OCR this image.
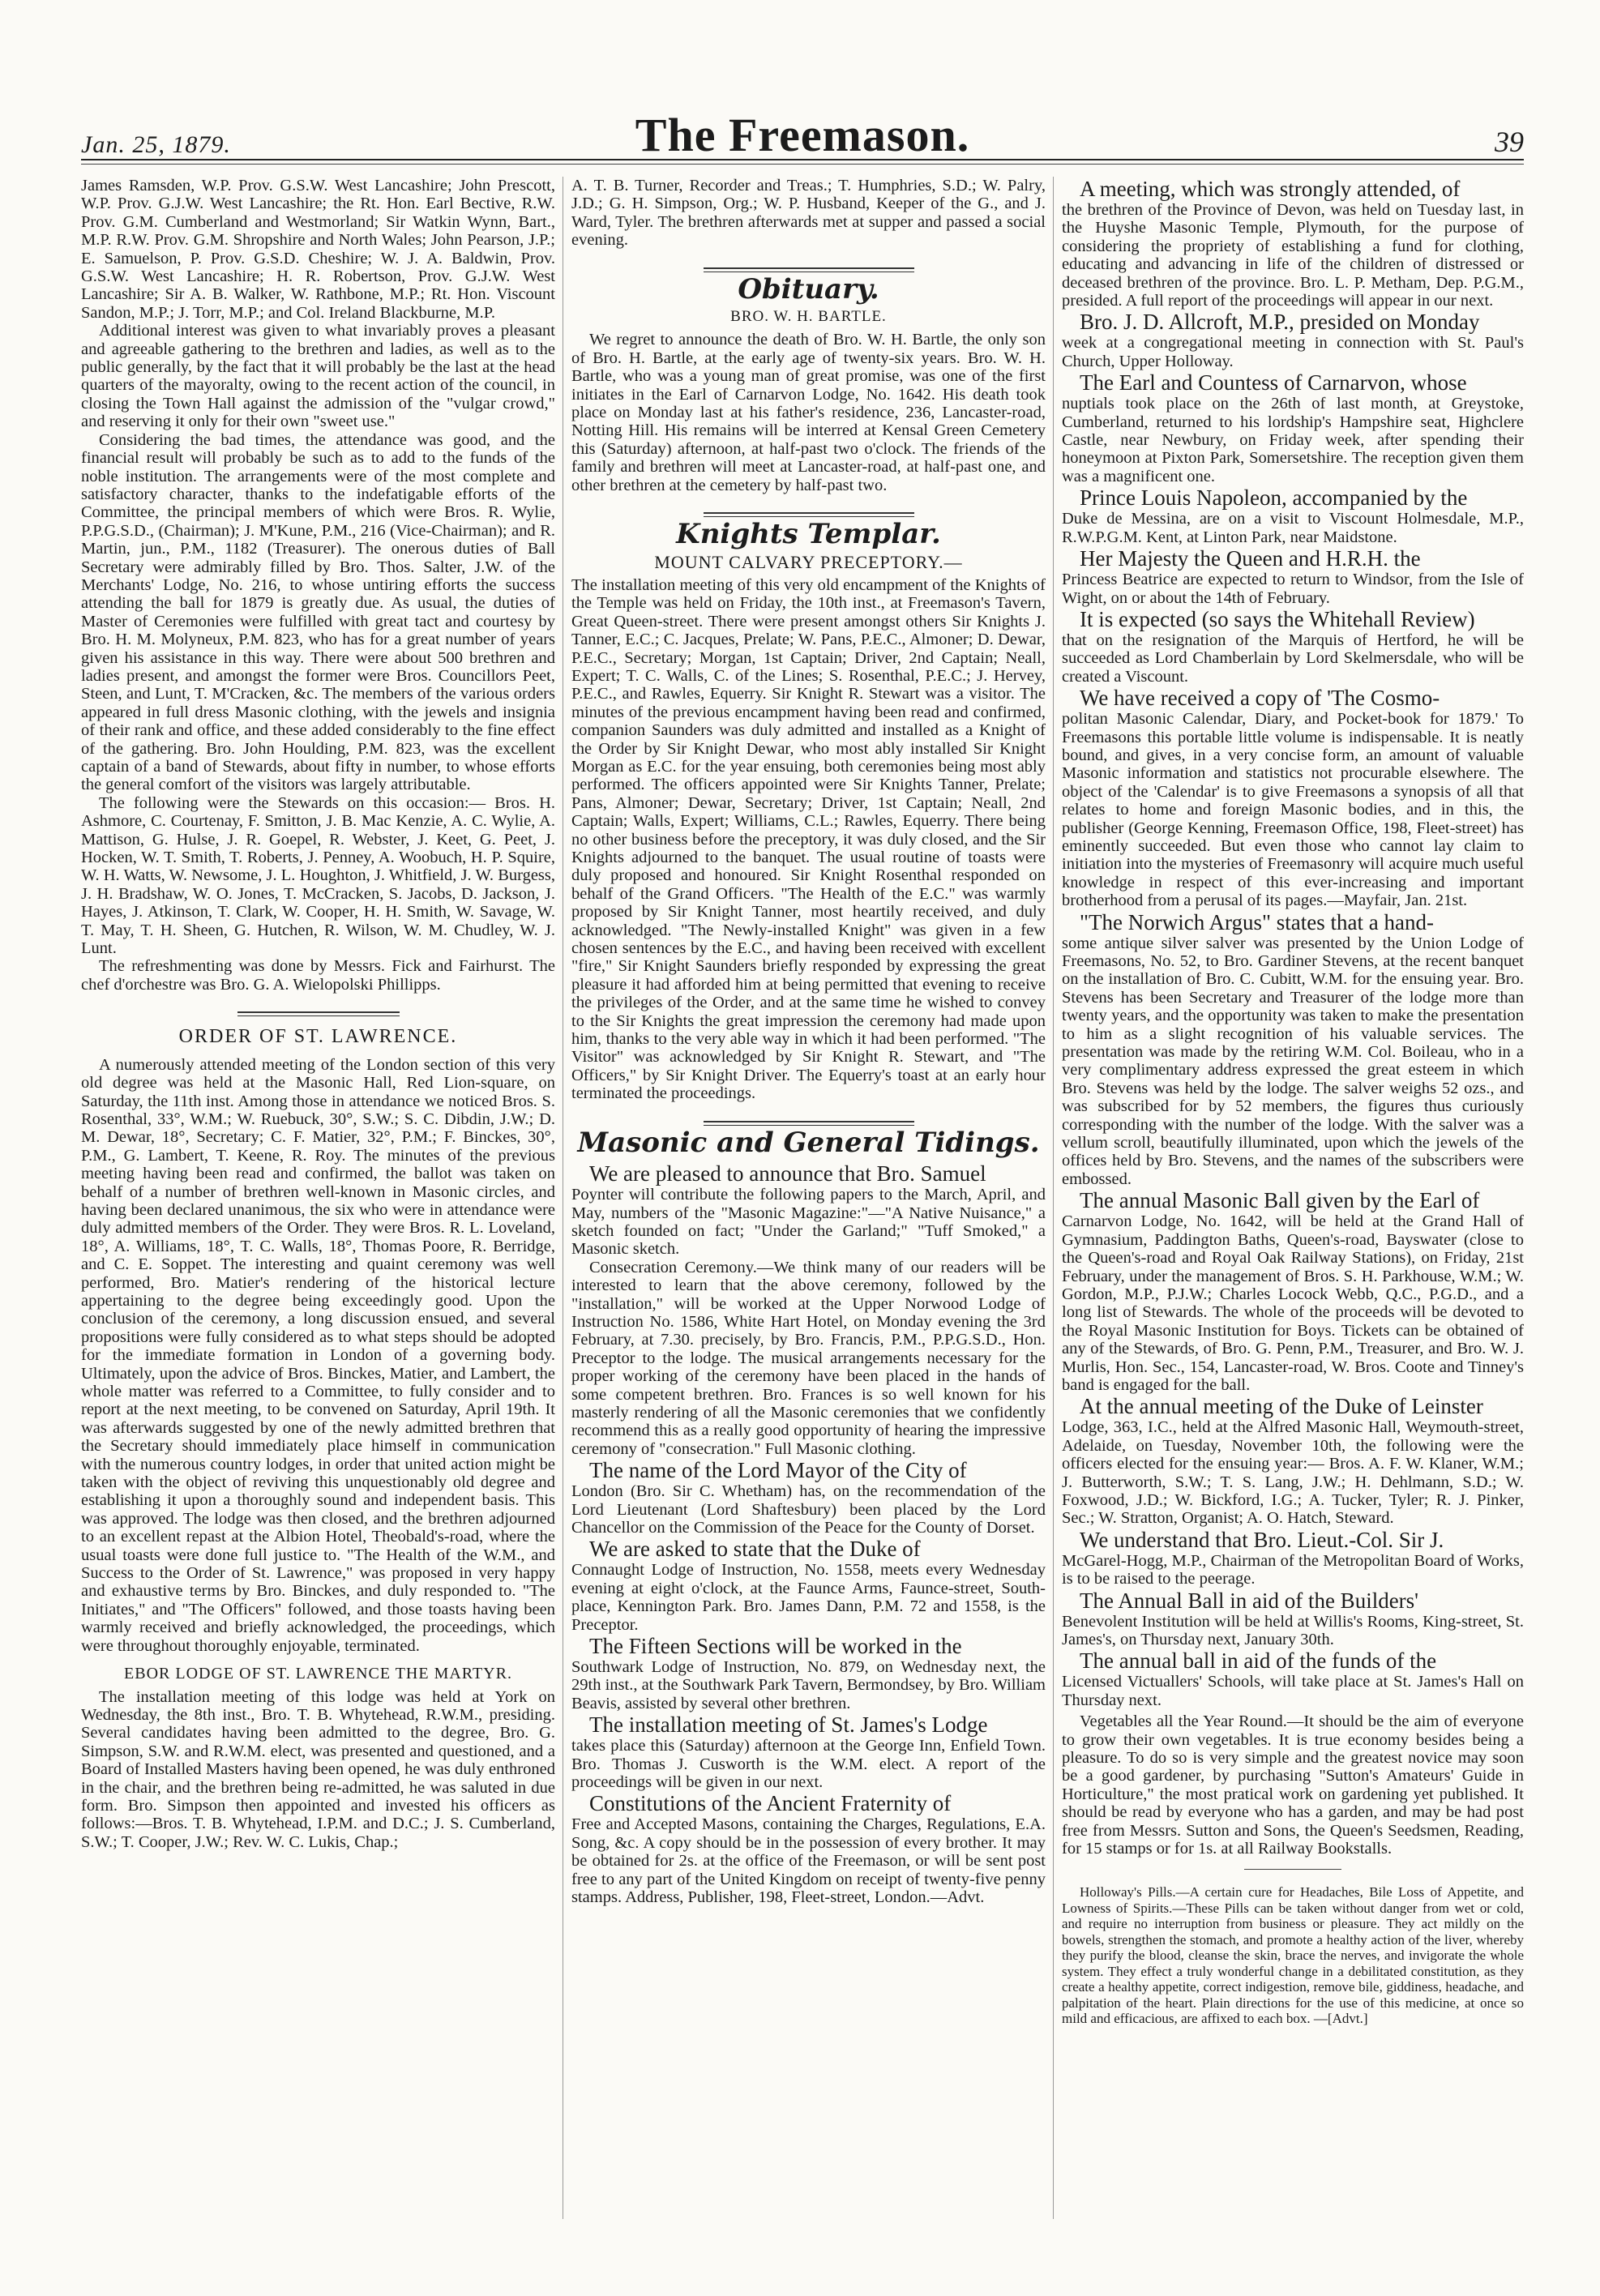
Jan. 25, 1879.	The Freemason.	39

James Ramsden, W.P. Prov. G.S.W. West Lancashire; John Prescott, W.P. Prov. G.J.W. West Lancashire; the Rt. Hon. Earl Bective, R.W. Prov. G.M. Cumberland and Westmorland; Sir Watkin Wynn, Bart., M.P. R.W. Prov. G.M. Shropshire and North Wales; John Pearson, J.P.; E. Samuelson, P. Prov. G.S.D. Cheshire; W. J. A. Baldwin, Prov. G.S.W. West Lancashire; H. R. Robertson, Prov. G.J.W. West Lancashire; Sir A. B. Walker, W. Rathbone, M.P.; Rt. Hon. Viscount Sandon, M.P.; J. Torr, M.P.; and Col. Ireland Blackburne, M.P.

Additional interest was given to what invariably proves a pleasant and agreeable gathering to the brethren and ladies, as well as to the public generally, by the fact that it will probably be the last at the head quarters of the mayoralty, owing to the recent action of the council, in closing the Town Hall against the admission of the "vulgar crowd," and reserving it only for their own "sweet use."

Considering the bad times, the attendance was good, and the financial result will probably be such as to add to the funds of the noble institution. The arrangements were of the most complete and satisfactory character, thanks to the indefatigable efforts of the Committee, the principal members of which were Bros. R. Wylie, P.P.G.S.D., (Chairman); J. M'Kune, P.M., 216 (Vice-Chairman); and R. Martin, jun., P.M., 1182 (Treasurer). The onerous duties of Ball Secretary were admirably filled by Bro. Thos. Salter, J.W. of the Merchants' Lodge, No. 216, to whose untiring efforts the success attending the ball for 1879 is greatly due. As usual, the duties of Master of Ceremonies were fulfilled with great tact and courtesy by Bro. H. M. Molyneux, P.M. 823, who has for a great number of years given his assistance in this way. There were about 500 brethren and ladies present, and amongst the former were Bros. Councillors Peet, Steen, and Lunt, T. M'Cracken, &c. The members of the various orders appeared in full dress Masonic clothing, with the jewels and insignia of their rank and office, and these added considerably to the fine effect of the gathering. Bro. John Houlding, P.M. 823, was the excellent captain of a band of Stewards, about fifty in number, to whose efforts the general comfort of the visitors was largely attributable.

The following were the Stewards on this occasion:— Bros. H. Ashmore, C. Courtenay, F. Smitton, J. B. Mac Kenzie, A. C. Wylie, A. Mattison, G. Hulse, J. R. Goepel, R. Webster, J. Keet, G. Peet, J. Hocken, W. T. Smith, T. Roberts, J. Penney, A. Woobuch, H. P. Squire, W. H. Watts, W. Newsome, J. L. Houghton, J. Whitfield, J. W. Burgess, J. H. Bradshaw, W. O. Jones, T. McCracken, S. Jacobs, D. Jackson, J. Hayes, J. Atkinson, T. Clark, W. Cooper, H. H. Smith, W. Savage, W. T. May, T. H. Sheen, G. Hutchen, R. Wilson, W. M. Chudley, W. J. Lunt.

The refreshmenting was done by Messrs. Fick and Fairhurst. The chef d'orchestre was Bro. G. A. Wielopolski Phillipps.

ORDER OF ST. LAWRENCE.

A numerously attended meeting of the London section of this very old degree was held at the Masonic Hall, Red Lion-square, on Saturday, the 11th inst. Among those in attendance we noticed Bros. S. Rosenthal, 33°, W.M.; W. Ruebuck, 30°, S.W.; S. C. Dibdin, J.W.; D. M. Dewar, 18°, Secretary; C. F. Matier, 32°, P.M.; F. Binckes, 30°, P.M., G. Lambert, T. Keene, R. Roy. The minutes of the previous meeting having been read and confirmed, the ballot was taken on behalf of a number of brethren well-known in Masonic circles, and having been declared unanimous, the six who were in attendance were duly admitted members of the Order. They were Bros. R. L. Loveland, 18°, A. Williams, 18°, T. C. Walls, 18°, Thomas Poore, R. Berridge, and C. E. Soppet. The interesting and quaint ceremony was well performed, Bro. Matier's rendering of the historical lecture appertaining to the degree being exceedingly good. Upon the conclusion of the ceremony, a long discussion ensued, and several propositions were fully considered as to what steps should be adopted for the immediate formation in London of a governing body. Ultimately, upon the advice of Bros. Binckes, Matier, and Lambert, the whole matter was referred to a Committee, to fully consider and to report at the next meeting, to be convened on Saturday, April 19th. It was afterwards suggested by one of the newly admitted brethren that the Secretary should immediately place himself in communication with the numerous country lodges, in order that united action might be taken with the object of reviving this unquestionably old degree and establishing it upon a thoroughly sound and independent basis. This was approved. The lodge was then closed, and the brethren adjourned to an excellent repast at the Albion Hotel, Theobald's-road, where the usual toasts were done full justice to. "The Health of the W.M., and Success to the Order of St. Lawrence," was proposed in very happy and exhaustive terms by Bro. Binckes, and duly responded to. "The Initiates," and "The Officers" followed, and those toasts having been warmly received and briefly acknowledged, the proceedings, which were throughout thoroughly enjoyable, terminated.

EBOR LODGE OF ST. LAWRENCE THE MARTYR.

The installation meeting of this lodge was held at York on Wednesday, the 8th inst., Bro. T. B. Whytehead, R.W.M., presiding. Several candidates having been admitted to the degree, Bro. G. Simpson, S.W. and R.W.M. elect, was presented and questioned, and a Board of Installed Masters having been opened, he was duly enthroned in the chair, and the brethren being re-admitted, he was saluted in due form. Bro. Simpson then appointed and invested his officers as follows:—Bros. T. B. Whytehead, I.P.M. and D.C.; J. S. Cumberland, S.W.; T. Cooper, J.W.; Rev. W. C. Lukis, Chap.;

A. T. B. Turner, Recorder and Treas.; T. Humphries, S.D.; W. Palry, J.D.; G. H. Simpson, Org.; W. P. Husband, Keeper of the G., and J. Ward, Tyler. The brethren afterwards met at supper and passed a social evening.

Obituary.
BRO. W. H. BARTLE.

We regret to announce the death of Bro. W. H. Bartle, the only son of Bro. H. Bartle, at the early age of twenty-six years. Bro. W. H. Bartle, who was a young man of great promise, was one of the first initiates in the Earl of Carnarvon Lodge, No. 1642. His death took place on Monday last at his father's residence, 236, Lancaster-road, Notting Hill. His remains will be interred at Kensal Green Cemetery this (Saturday) afternoon, at half-past two o'clock. The friends of the family and brethren will meet at Lancaster-road, at half-past one, and other brethren at the cemetery by half-past two.

Knights Templar.
MOUNT CALVARY PRECEPTORY.—

The installation meeting of this very old encampment of the Knights of the Temple was held on Friday, the 10th inst., at Freemason's Tavern, Great Queen-street. There were present amongst others Sir Knights J. Tanner, E.C.; C. Jacques, Prelate; W. Pans, P.E.C., Almoner; D. Dewar, P.E.C., Secretary; Morgan, 1st Captain; Driver, 2nd Captain; Neall, Expert; T. C. Walls, C. of the Lines; S. Rosenthal, P.E.C.; J. Hervey, P.E.C., and Rawles, Equerry. Sir Knight R. Stewart was a visitor. The minutes of the previous encampment having been read and confirmed, companion Saunders was duly admitted and installed as a Knight of the Order by Sir Knight Dewar, who most ably installed Sir Knight Morgan as E.C. for the year ensuing, both ceremonies being most ably performed. The officers appointed were Sir Knights Tanner, Prelate; Pans, Almoner; Dewar, Secretary; Driver, 1st Captain; Neall, 2nd Captain; Walls, Expert; Williams, C.L.; Rawles, Equerry. There being no other business before the preceptory, it was duly closed, and the Sir Knights adjourned to the banquet. The usual routine of toasts were duly proposed and honoured. Sir Knight Rosenthal responded on behalf of the Grand Officers. "The Health of the E.C." was warmly proposed by Sir Knight Tanner, most heartily received, and duly acknowledged. "The Newly-installed Knight" was given in a few chosen sentences by the E.C., and having been received with excellent "fire," Sir Knight Saunders briefly responded by expressing the great pleasure it had afforded him at being permitted that evening to receive the privileges of the Order, and at the same time he wished to convey to the Sir Knights the great impression the ceremony had made upon him, thanks to the very able way in which it had been performed. "The Visitor" was acknowledged by Sir Knight R. Stewart, and "The Officers," by Sir Knight Driver. The Equerry's toast at an early hour terminated the proceedings.

Masonic and General Tidings.

We are pleased to announce that Bro. Samuel

Poynter will contribute the following papers to the March, April, and May, numbers of the "Masonic Magazine:"—"A Native Nuisance," a sketch founded on fact; "Under the Garland;" "Tuff Smoked," a Masonic sketch.

Consecration Ceremony.—We think many of our readers will be interested to learn that the above ceremony, followed by the "installation," will be worked at the Upper Norwood Lodge of Instruction No. 1586, White Hart Hotel, on Monday evening the 3rd February, at 7.30. precisely, by Bro. Francis, P.M., P.P.G.S.D., Hon. Preceptor to the lodge. The musical arrangements necessary for the proper working of the ceremony have been placed in the hands of some competent brethren. Bro. Frances is so well known for his masterly rendering of all the Masonic ceremonies that we confidently recommend this as a really good opportunity of hearing the impressive ceremony of "consecration." Full Masonic clothing.

The name of the Lord Mayor of the City of

London (Bro. Sir C. Whetham) has, on the recommendation of the Lord Lieutenant (Lord Shaftesbury) been placed by the Lord Chancellor on the Commission of the Peace for the County of Dorset.

We are asked to state that the Duke of

Connaught Lodge of Instruction, No. 1558, meets every Wednesday evening at eight o'clock, at the Faunce Arms, Faunce-street, South-place, Kennington Park. Bro. James Dann, P.M. 72 and 1558, is the Preceptor.

The Fifteen Sections will be worked in the

Southwark Lodge of Instruction, No. 879, on Wednesday next, the 29th inst., at the Southwark Park Tavern, Bermondsey, by Bro. William Beavis, assisted by several other brethren.

The installation meeting of St. James's Lodge

takes place this (Saturday) afternoon at the George Inn, Enfield Town. Bro. Thomas J. Cusworth is the W.M. elect. A report of the proceedings will be given in our next.

Constitutions of the Ancient Fraternity of

Free and Accepted Masons, containing the Charges, Regulations, E.A. Song, &c. A copy should be in the possession of every brother. It may be obtained for 2s. at the office of the Freemason, or will be sent post free to any part of the United Kingdom on receipt of twenty-five penny stamps. Address, Publisher, 198, Fleet-street, London.—Advt.

A meeting, which was strongly attended, of

the brethren of the Province of Devon, was held on Tuesday last, in the Huyshe Masonic Temple, Plymouth, for the purpose of considering the propriety of establishing a fund for clothing, educating and advancing in life of the children of distressed or deceased brethren of the province. Bro. L. P. Metham, Dep. P.G.M., presided. A full report of the proceedings will appear in our next.

Bro. J. D. Allcroft, M.P., presided on Monday

week at a congregational meeting in connection with St. Paul's Church, Upper Holloway.

The Earl and Countess of Carnarvon, whose

nuptials took place on the 26th of last month, at Greystoke, Cumberland, returned to his lordship's Hampshire seat, Highclere Castle, near Newbury, on Friday week, after spending their honeymoon at Pixton Park, Somersetshire. The reception given them was a magnificent one.

Prince Louis Napoleon, accompanied by the

Duke de Messina, are on a visit to Viscount Holmesdale, M.P., R.W.P.G.M. Kent, at Linton Park, near Maidstone.

Her Majesty the Queen and H.R.H. the

Princess Beatrice are expected to return to Windsor, from the Isle of Wight, on or about the 14th of February.

It is expected (so says the Whitehall Review)

that on the resignation of the Marquis of Hertford, he will be succeeded as Lord Chamberlain by Lord Skelmersdale, who will be created a Viscount.

We have received a copy of 'The Cosmo-

politan Masonic Calendar, Diary, and Pocket-book for 1879.' To Freemasons this portable little volume is indispensable. It is neatly bound, and gives, in a very concise form, an amount of valuable Masonic information and statistics not procurable elsewhere. The object of the 'Calendar' is to give Freemasons a synopsis of all that relates to home and foreign Masonic bodies, and in this, the publisher (George Kenning, Freemason Office, 198, Fleet-street) has eminently succeeded. But even those who cannot lay claim to initiation into the mysteries of Freemasonry will acquire much useful knowledge in respect of this ever-increasing and important brotherhood from a perusal of its pages.—Mayfair, Jan. 21st.

"The Norwich Argus" states that a hand-

some antique silver salver was presented by the Union Lodge of Freemasons, No. 52, to Bro. Gardiner Stevens, at the recent banquet on the installation of Bro. C. Cubitt, W.M. for the ensuing year. Bro. Stevens has been Secretary and Treasurer of the lodge more than twenty years, and the opportunity was taken to make the presentation to him as a slight recognition of his valuable services. The presentation was made by the retiring W.M. Col. Boileau, who in a very complimentary address expressed the great esteem in which Bro. Stevens was held by the lodge. The salver weighs 52 ozs., and was subscribed for by 52 members, the figures thus curiously corresponding with the number of the lodge. With the salver was a vellum scroll, beautifully illuminated, upon which the jewels of the offices held by Bro. Stevens, and the names of the subscribers were embossed.

The annual Masonic Ball given by the Earl of

Carnarvon Lodge, No. 1642, will be held at the Grand Hall of Gymnasium, Paddington Baths, Queen's-road, Bayswater (close to the Queen's-road and Royal Oak Railway Stations), on Friday, 21st February, under the management of Bros. S. H. Parkhouse, W.M.; W. Gordon, M.P., P.J.W.; Charles Locock Webb, Q.C., P.G.D., and a long list of Stewards. The whole of the proceeds will be devoted to the Royal Masonic Institution for Boys. Tickets can be obtained of any of the Stewards, of Bro. G. Penn, P.M., Treasurer, and Bro. W. J. Murlis, Hon. Sec., 154, Lancaster-road, W. Bros. Coote and Tinney's band is engaged for the ball.

At the annual meeting of the Duke of Leinster

Lodge, 363, I.C., held at the Alfred Masonic Hall, Weymouth-street, Adelaide, on Tuesday, November 10th, the following were the officers elected for the ensuing year:— Bros. A. F. W. Klaner, W.M.; J. Butterworth, S.W.; T. S. Lang, J.W.; H. Dehlmann, S.D.; W. Foxwood, J.D.; W. Bickford, I.G.; A. Tucker, Tyler; R. J. Pinker, Sec.; W. Stratton, Organist; A. O. Hatch, Steward.

We understand that Bro. Lieut.-Col. Sir J.

McGarel-Hogg, M.P., Chairman of the Metropolitan Board of Works, is to be raised to the peerage.

The Annual Ball in aid of the Builders'

Benevolent Institution will be held at Willis's Rooms, King-street, St. James's, on Thursday next, January 30th.

The annual ball in aid of the funds of the

Licensed Victuallers' Schools, will take place at St. James's Hall on Thursday next.

Vegetables all the Year Round.—It should be the aim of everyone to grow their own vegetables. It is true economy besides being a pleasure. To do so is very simple and the greatest novice may soon be a good gardener, by purchasing "Sutton's Amateurs' Guide in Horticulture," the most pratical work on gardening yet published. It should be read by everyone who has a garden, and may be had post free from Messrs. Sutton and Sons, the Queen's Seedsmen, Reading, for 15 stamps or for 1s. at all Railway Bookstalls.

Holloway's Pills.—A certain cure for Headaches, Bile Loss of Appetite, and Lowness of Spirits.—These Pills can be taken without danger from wet or cold, and require no interruption from business or pleasure. They act mildly on the bowels, strengthen the stomach, and promote a healthy action of the liver, whereby they purify the blood, cleanse the skin, brace the nerves, and invigorate the whole system. They effect a truly wonderful change in a debilitated constitution, as they create a healthy appetite, correct indigestion, remove bile, giddiness, headache, and palpitation of the heart. Plain directions for the use of this medicine, at once so mild and efficacious, are affixed to each box. —[Advt.]
